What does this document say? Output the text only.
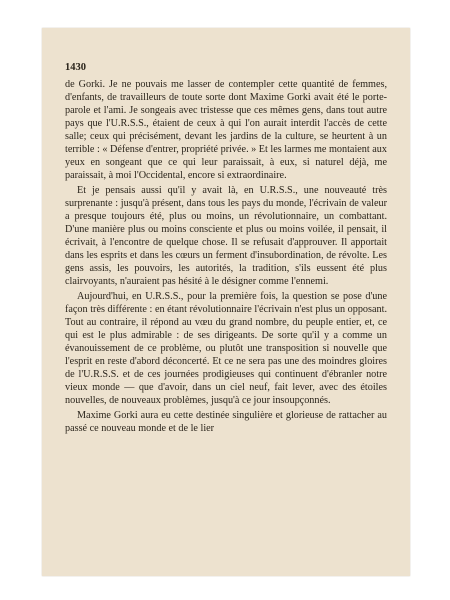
1430

de Gorki. Je ne pouvais me lasser de contempler cette quantité de femmes, d'enfants, de travailleurs de toute sorte dont Maxime Gorki avait été le porte-parole et l'ami. Je songeais avec tristesse que ces mêmes gens, dans tout autre pays que l'U.R.S.S., étaient de ceux à qui l'on aurait interdit l'accès de cette salle; ceux qui précisément, devant les jardins de la culture, se heurtent à un terrible : « Défense d'entrer, propriété privée. » Et les larmes me montaient aux yeux en songeant que ce qui leur paraissait, à eux, si naturel déjà, me paraissait, à moi l'Occidental, encore si extraordinaire.

Et je pensais aussi qu'il y avait là, en U.R.S.S., une nouveauté très surprenante : jusqu'à présent, dans tous les pays du monde, l'écrivain de valeur a presque toujours été, plus ou moins, un révolutionnaire, un combattant. D'une manière plus ou moins consciente et plus ou moins voilée, il pensait, il écrivait, à l'encontre de quelque chose. Il se refusait d'approuver. Il apportait dans les esprits et dans les cœurs un ferment d'insubordination, de révolte. Les gens assis, les pouvoirs, les autorités, la tradition, s'ils eussent été plus clairvoyants, n'auraient pas hésité à le désigner comme l'ennemi.

Aujourd'hui, en U.R.S.S., pour la première fois, la question se pose d'une façon très différente : en étant révolutionnaire l'écrivain n'est plus un opposant. Tout au contraire, il répond au vœu du grand nombre, du peuple entier, et, ce qui est le plus admirable : de ses dirigeants. De sorte qu'il y a comme un évanouissement de ce problème, ou plutôt une transposition si nouvelle que l'esprit en reste d'abord déconcerté. Et ce ne sera pas une des moindres gloires de l'U.R.S.S. et de ces journées prodigieuses qui continuent d'ébranler notre vieux monde — que d'avoir, dans un ciel neuf, fait lever, avec des étoiles nouvelles, de nouveaux problèmes, jusqu'à ce jour insoupçonnés.

Maxime Gorki aura eu cette destinée singulière et glorieuse de rattacher au passé ce nouveau monde et de le lier
